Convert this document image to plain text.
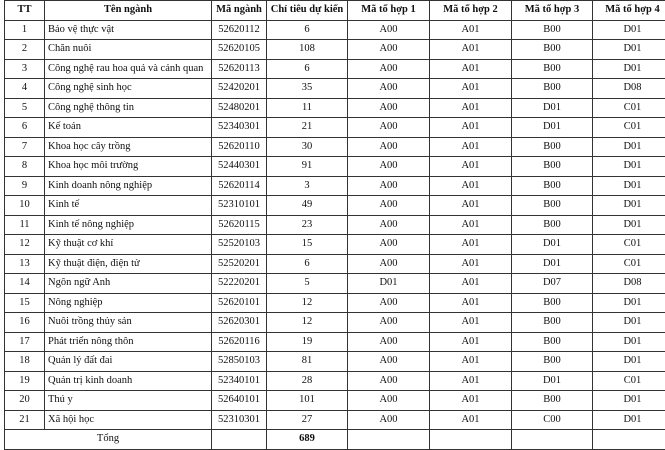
TT	Tên ngành	Mã ngành	Chỉ tiêu dự kiến	Mã tổ hợp 1	Mã tổ hợp 2	Mã tổ hợp 3	Mã tổ hợp 4
1	Bảo vệ thực vật	52620112	6	A00	A01	B00	D01
2	Chăn nuôi	52620105	108	A00	A01	B00	D01
3	Công nghệ rau hoa quả và cảnh quan	52620113	6	A00	A01	B00	D01
4	Công nghệ sinh học	52420201	35	A00	A01	B00	D08
5	Công nghệ thông tin	52480201	11	A00	A01	D01	C01
6	Kế toán	52340301	21	A00	A01	D01	C01
7	Khoa học cây trồng	52620110	30	A00	A01	B00	D01
8	Khoa học môi trường	52440301	91	A00	A01	B00	D01
9	Kinh doanh nông nghiệp	52620114	3	A00	A01	B00	D01
10	Kinh tế	52310101	49	A00	A01	B00	D01
11	Kinh tế nông nghiệp	52620115	23	A00	A01	B00	D01
12	Kỹ thuật cơ khí	52520103	15	A00	A01	D01	C01
13	Kỹ thuật điện, điện tử	52520201	6	A00	A01	D01	C01
14	Ngôn ngữ Anh	52220201	5	D01	A01	D07	D08
15	Nông nghiệp	52620101	12	A00	A01	B00	D01
16	Nuôi trồng thủy sản	52620301	12	A00	A01	B00	D01
17	Phát triển nông thôn	52620116	19	A00	A01	B00	D01
18	Quản lý đất đai	52850103	81	A00	A01	B00	D01
19	Quản trị kinh doanh	52340101	28	A00	A01	D01	C01
20	Thú y	52640101	101	A00	A01	B00	D01
21	Xã hội học	52310301	27	A00	A01	C00	D01
Tổng			689				
